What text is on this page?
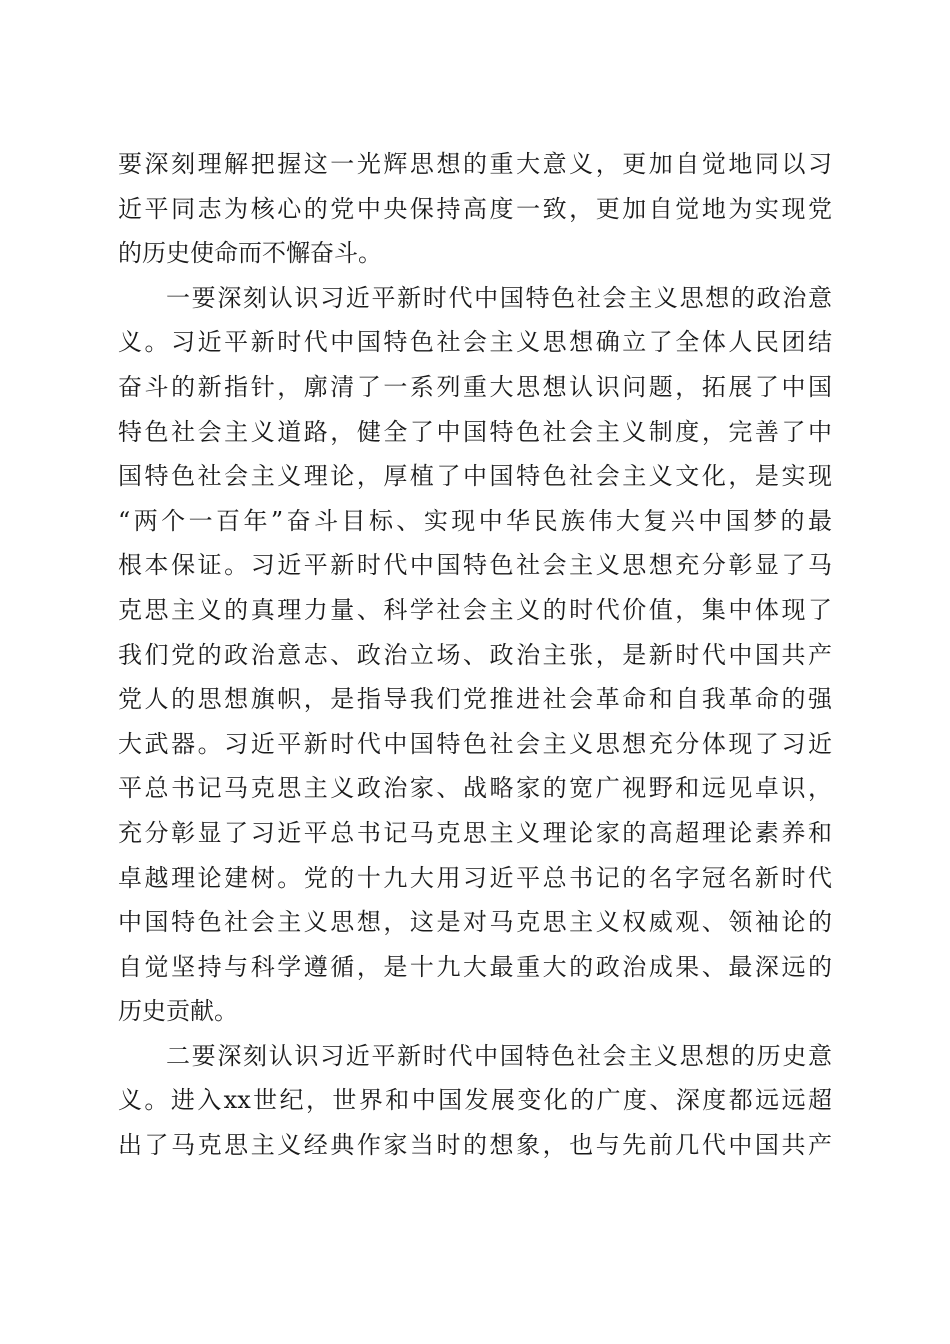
要深刻理解把握这一光辉思想的重大意义，更加自觉地同以习
近平同志为核心的党中央保持高度一致，更加自觉地为实现党
的历史使命而不懈奋斗。
一要深刻认识习近平新时代中国特色社会主义思想的政治意
义。习近平新时代中国特色社会主义思想确立了全体人民团结
奋斗的新指针，廓清了一系列重大思想认识问题，拓展了中国
特色社会主义道路，健全了中国特色社会主义制度，完善了中
国特色社会主义理论，厚植了中国特色社会主义文化，是实现
“两个一百年”奋斗目标、实现中华民族伟大复兴中国梦的最
根本保证。习近平新时代中国特色社会主义思想充分彰显了马
克思主义的真理力量、科学社会主义的时代价值，集中体现了
我们党的政治意志、政治立场、政治主张，是新时代中国共产
党人的思想旗帜，是指导我们党推进社会革命和自我革命的强
大武器。习近平新时代中国特色社会主义思想充分体现了习近
平总书记马克思主义政治家、战略家的宽广视野和远见卓识，
充分彰显了习近平总书记马克思主义理论家的高超理论素养和
卓越理论建树。党的十九大用习近平总书记的名字冠名新时代
中国特色社会主义思想，这是对马克思主义权威观、领袖论的
自觉坚持与科学遵循，是十九大最重大的政治成果、最深远的
历史贡献。
二要深刻认识习近平新时代中国特色社会主义思想的历史意
义。进入xx世纪，世界和中国发展变化的广度、深度都远远超
出了马克思主义经典作家当时的想象，也与先前几代中国共产
